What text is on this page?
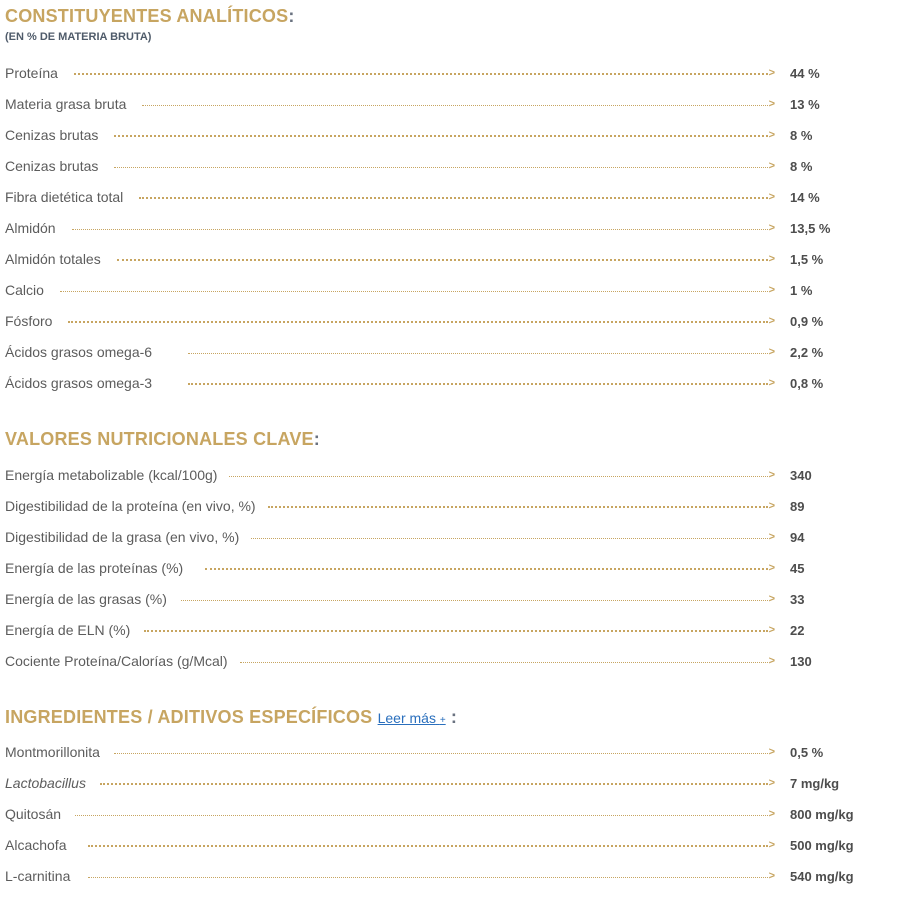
CONSTITUYENTES ANALÍTICOS:
(EN % DE MATERIA BRUTA)
Proteína	> 44 %
Materia grasa bruta	> 13 %
Cenizas brutas	> 8 %
Cenizas brutas	> 8 %
Fibra dietética total	> 14 %
Almidón	> 13,5 %
Almidón totales	> 1,5 %
Calcio	> 1 %
Fósforo	> 0,9 %
Ácidos grasos omega-6	> 2,2 %
Ácidos grasos omega-3	> 0,8 %
VALORES NUTRICIONALES CLAVE:
Energía metabolizable (kcal/100g)	> 340
Digestibilidad de la proteína (en vivo, %)	> 89
Digestibilidad de la grasa (en vivo, %)	> 94
Energía de las proteínas (%)	> 45
Energía de las grasas (%)	> 33
Energía de ELN (%)	> 22
Cociente Proteína/Calorías (g/Mcal)	> 130
INGREDIENTES / ADITIVOS ESPECÍFICOS Leer más + :
Montmorillonita	> 0,5 %
Lactobacillus	> 7 mg/kg
Quitosán	> 800 mg/kg
Alcachofa	> 500 mg/kg
L-carnitina	> 540 mg/kg
